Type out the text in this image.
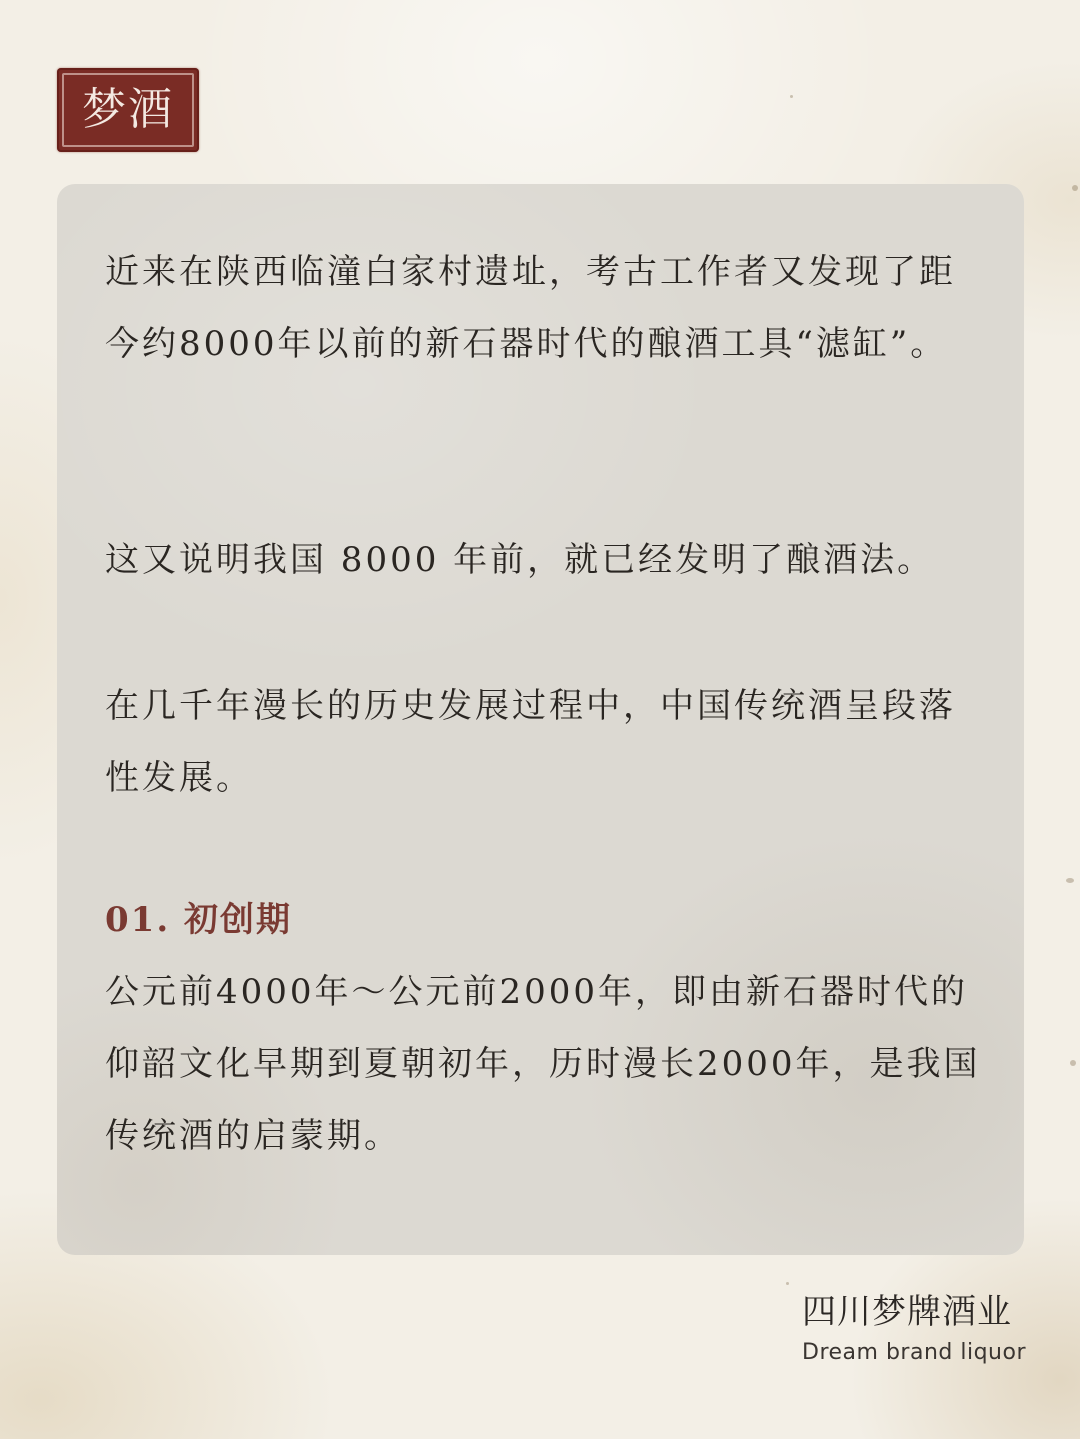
梦酒

近来在陕西临潼白家村遗址，考古工作者又发现了距今约8000年以前的新石器时代的酿酒工具“滤缸”。

这又说明我国 8000 年前，就已经发明了酿酒法。

在几千年漫长的历史发展过程中，中国传统酒呈段落性发展。

01. 初创期

公元前4000年～公元前2000年，即由新石器时代的仰韶文化早期到夏朝初年，历时漫长2000年，是我国传统酒的启蒙期。

四川梦牌酒业
Dream brand liquor
